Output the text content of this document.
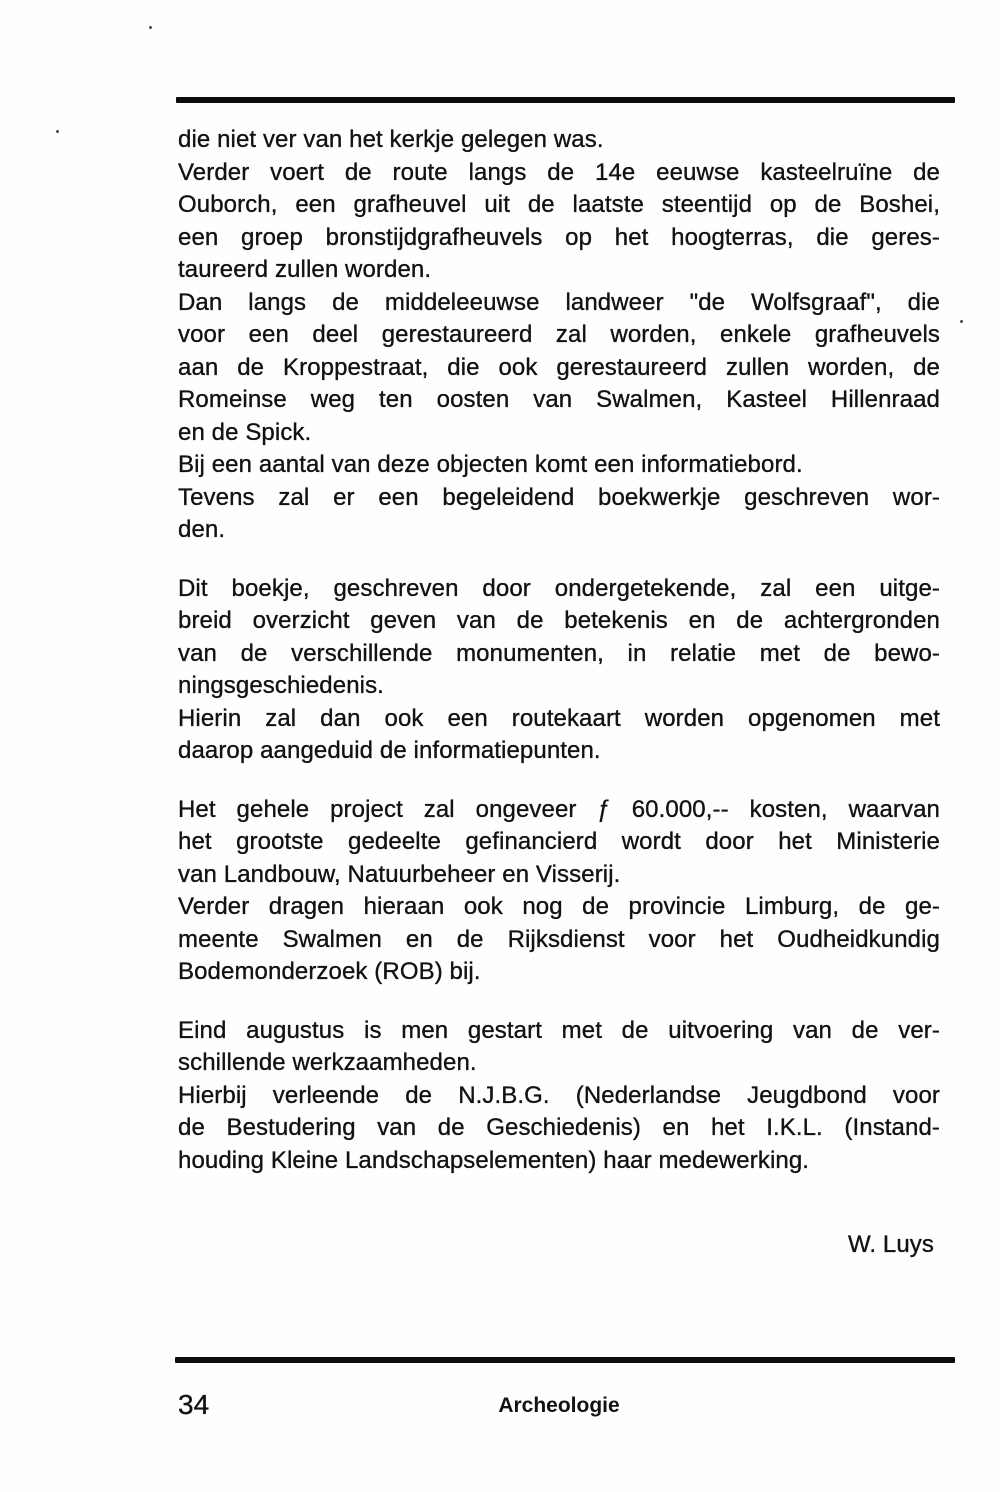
die niet ver van het kerkje gelegen was.
Verder voert de route langs de 14e eeuwse kasteelruïne de
Ouborch, een grafheuvel uit de laatste steentijd op de Boshei,
een groep bronstijdgrafheuvels op het hoogterras, die geres-
taureerd zullen worden.
Dan langs de middeleeuwse landweer "de Wolfsgraaf", die
voor een deel gerestaureerd zal worden, enkele grafheuvels
aan de Kroppestraat, die ook gerestaureerd zullen worden, de
Romeinse weg ten oosten van Swalmen, Kasteel Hillenraad
en de Spick.
Bij een aantal van deze objecten komt een informatiebord.
Tevens zal er een begeleidend boekwerkje geschreven wor-
den.
Dit boekje, geschreven door ondergetekende, zal een uitge-
breid overzicht geven van de betekenis en de achtergronden
van de verschillende monumenten, in relatie met de bewo-
ningsgeschiedenis.
Hierin zal dan ook een routekaart worden opgenomen met
daarop aangeduid de informatiepunten.
Het gehele project zal ongeveer ƒ 60.000,-- kosten, waarvan
het grootste gedeelte gefinancierd wordt door het Ministerie
van Landbouw, Natuurbeheer en Visserij.
Verder dragen hieraan ook nog de provincie Limburg, de ge-
meente Swalmen en de Rijksdienst voor het Oudheidkundig
Bodemonderzoek (ROB) bij.
Eind augustus is men gestart met de uitvoering van de ver-
schillende werkzaamheden.
Hierbij verleende de N.J.B.G. (Nederlandse Jeugdbond voor
de Bestudering van de Geschiedenis) en het I.K.L. (Instand-
houding Kleine Landschapselementen) haar medewerking.
W. Luys
34	Archeologie
